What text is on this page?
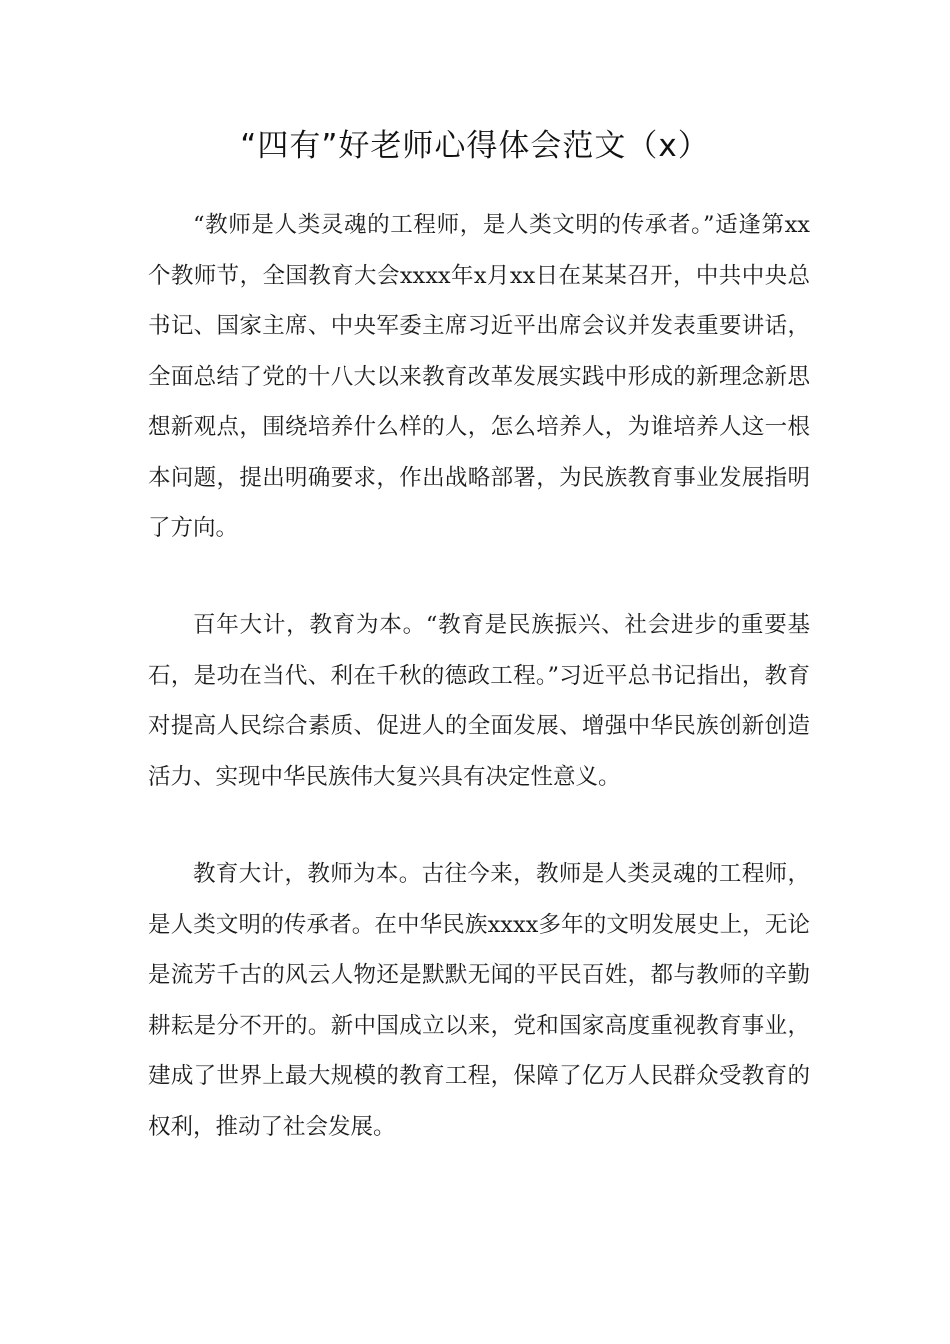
“四有”好老师心得体会范文（x）

“教师是人类灵魂的工程师，是人类文明的传承者。”适逢第xx个教师节，全国教育大会xxxx年x月xx日在某某召开，中共中央总书记、国家主席、中央军委主席习近平出席会议并发表重要讲话，全面总结了党的十八大以来教育改革发展实践中形成的新理念新思想新观点，围绕培养什么样的人，怎么培养人，为谁培养人这一根本问题，提出明确要求，作出战略部署，为民族教育事业发展指明了方向。

百年大计，教育为本。“教育是民族振兴、社会进步的重要基石，是功在当代、利在千秋的德政工程。”习近平总书记指出，教育对提高人民综合素质、促进人的全面发展、增强中华民族创新创造活力、实现中华民族伟大复兴具有决定性意义。

教育大计，教师为本。古往今来，教师是人类灵魂的工程师，是人类文明的传承者。在中华民族xxxx多年的文明发展史上，无论是流芳千古的风云人物还是默默无闻的平民百姓，都与教师的辛勤耕耘是分不开的。新中国成立以来，党和国家高度重视教育事业，建成了世界上最大规模的教育工程，保障了亿万人民群众受教育的权利，推动了社会发展。
